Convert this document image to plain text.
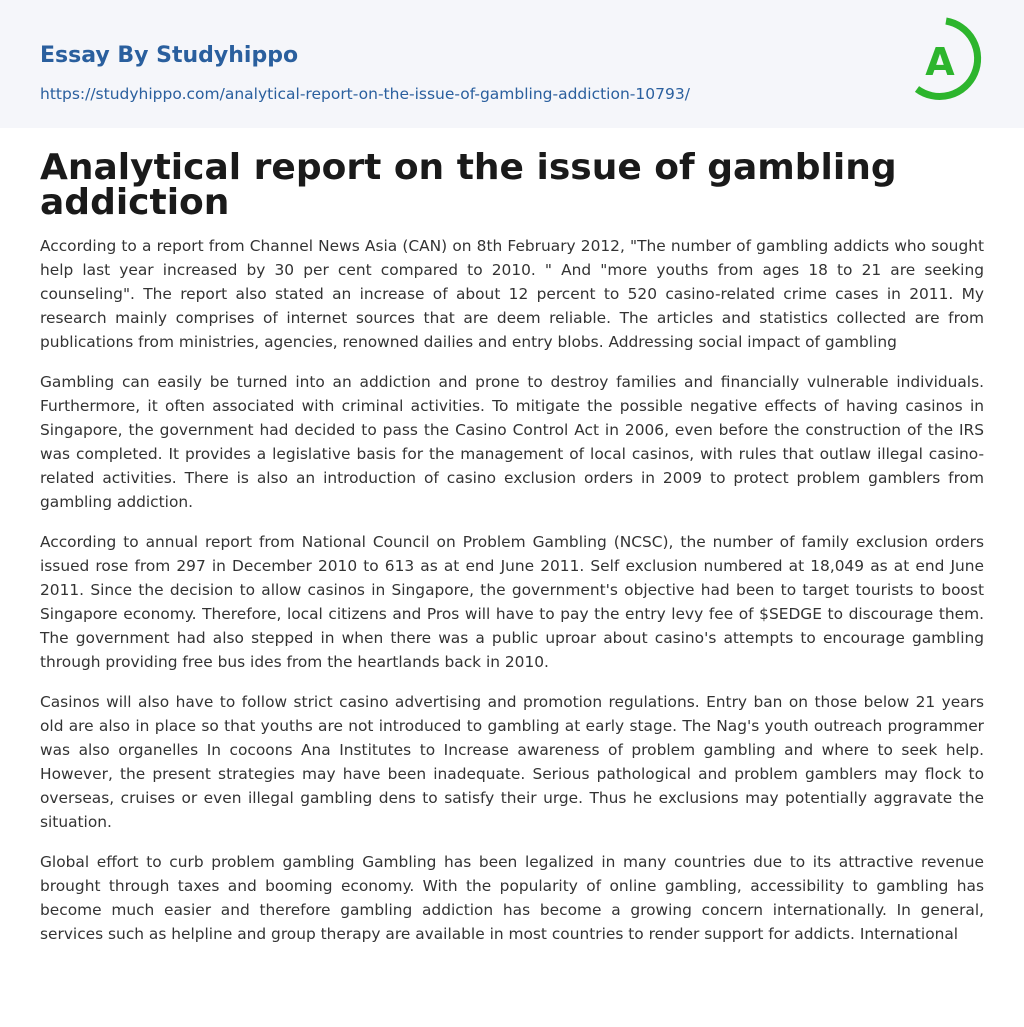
Essay By Studyhippo
https://studyhippo.com/analytical-report-on-the-issue-of-gambling-addiction-10793/
A
Analytical report on the issue of gambling addiction

According to a report from Channel News Asia (CAN) on 8th February 2012, "The number of gambling addicts who sought help last year increased by 30 per cent compared to 2010. " And "more youths from ages 18 to 21 are seeking counseling". The report also stated an increase of about 12 percent to 520 casino-related crime cases in 2011. My research mainly comprises of internet sources that are deem reliable. The articles and statistics collected are from publications from ministries, agencies, renowned dailies and entry blobs. Addressing social impact of gambling

Gambling can easily be turned into an addiction and prone to destroy families and financially vulnerable individuals. Furthermore, it often associated with criminal activities. To mitigate the possible negative effects of having casinos in Singapore, the government had decided to pass the Casino Control Act in 2006, even before the construction of the IRS was completed. It provides a legislative basis for the management of local casinos, with rules that outlaw illegal casino-related activities. There is also an introduction of casino exclusion orders in 2009 to protect problem gamblers from gambling addiction.

According to annual report from National Council on Problem Gambling (NCSC), the number of family exclusion orders issued rose from 297 in December 2010 to 613 as at end June 2011. Self exclusion numbered at 18,049 as at end June 2011. Since the decision to allow casinos in Singapore, the government's objective had been to target tourists to boost Singapore economy. Therefore, local citizens and Pros will have to pay the entry levy fee of $SEDGE to discourage them. The government had also stepped in when there was a public uproar about casino's attempts to encourage gambling through providing free bus ides from the heartlands back in 2010.

Casinos will also have to follow strict casino advertising and promotion regulations. Entry ban on those below 21 years old are also in place so that youths are not introduced to gambling at early stage. The Nag's youth outreach programmer was also organelles In cocoons Ana Institutes to Increase awareness of problem gambling and where to seek help. However, the present strategies may have been inadequate. Serious pathological and problem gamblers may flock to overseas, cruises or even illegal gambling dens to satisfy their urge. Thus he exclusions may potentially aggravate the situation.

Global effort to curb problem gambling Gambling has been legalized in many countries due to its attractive revenue brought through taxes and booming economy. With the popularity of online gambling, accessibility to gambling has become much easier and therefore gambling addiction has become a growing concern internationally. In general, services such as helpline and group therapy are available in most countries to render support for addicts. International
